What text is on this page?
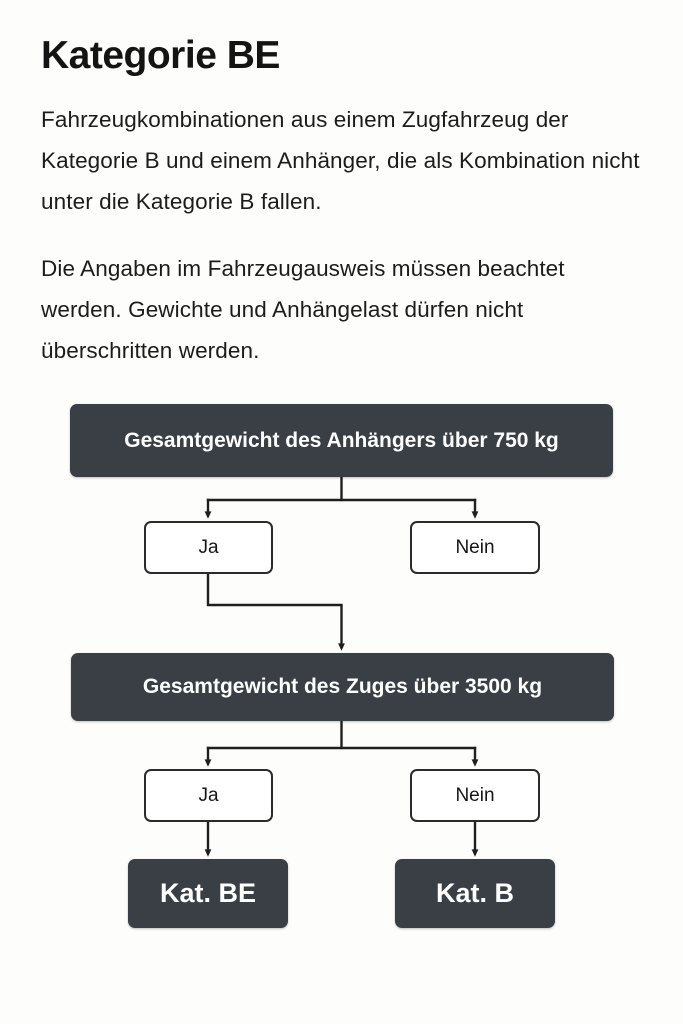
Kategorie BE

Fahrzeugkombinationen aus einem Zugfahrzeug der Kategorie B und einem Anhänger, die als Kombination nicht unter die Kategorie B fallen.

Die Angaben im Fahrzeugausweis müssen beachtet werden. Gewichte und Anhängelast dürfen nicht überschritten werden.

Gesamtgewicht des Anhängers über 750 kg
Ja	Nein
Gesamtgewicht des Zuges über 3500 kg
Ja	Nein
Kat. BE	Kat. B
